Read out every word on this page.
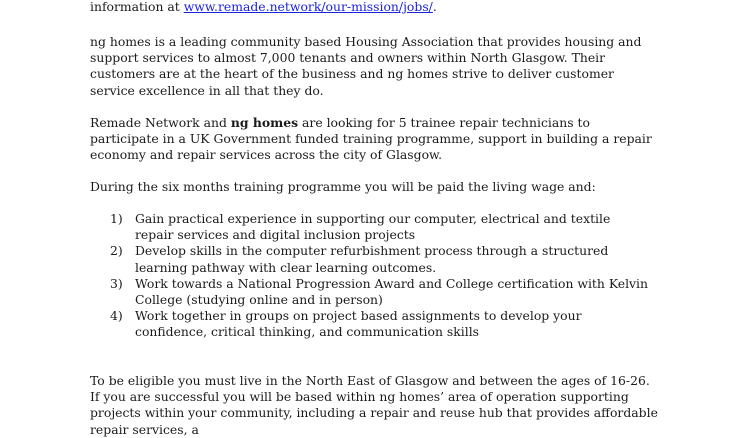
information at www.remade.network/our-mission/jobs/.

ng homes is a leading community based Housing Association that provides housing and support services to almost 7,000 tenants and owners within North Glasgow. Their customers are at the heart of the business and ng homes strive to deliver customer service excellence in all that they do.

Remade Network and ng homes are looking for 5 trainee repair technicians to participate in a UK Government funded training programme, support in building a repair economy and repair services across the city of Glasgow.

During the six months training programme you will be paid the living wage and:

1) Gain practical experience in supporting our computer, electrical and textile repair services and digital inclusion projects
2) Develop skills in the computer refurbishment process through a structured learning pathway with clear learning outcomes.
3) Work towards a National Progression Award and College certification with Kelvin College (studying online and in person)
4) Work together in groups on project based assignments to develop your confidence, critical thinking, and communication skills

To be eligible you must live in the North East of Glasgow and between the ages of 16-26. If you are successful you will be based within ng homes’ area of operation supporting projects within your community, including a repair and reuse hub that provides affordable repair services, a
